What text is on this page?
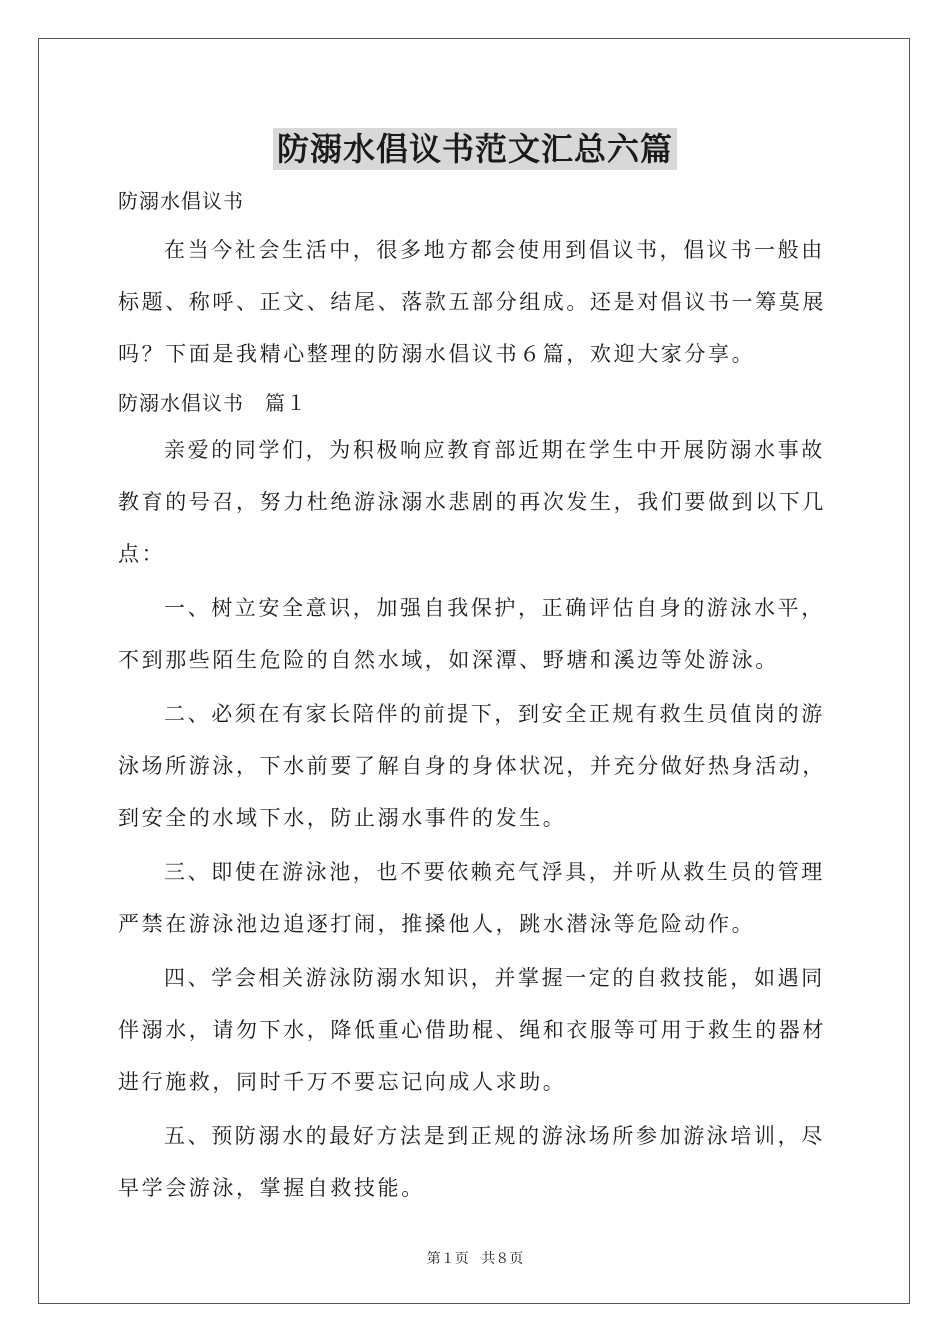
防溺水倡议书范文汇总六篇
防溺水倡议书
在当今社会生活中，很多地方都会使用到倡议书，倡议书一般由
标题、称呼、正文、结尾、落款五部分组成。还是对倡议书一筹莫展
吗？下面是我精心整理的防溺水倡议书６篇，欢迎大家分享。
防溺水倡议书　篇１
亲爱的同学们，为积极响应教育部近期在学生中开展防溺水事故
教育的号召，努力杜绝游泳溺水悲剧的再次发生，我们要做到以下几
点：
一、树立安全意识，加强自我保护，正确评估自身的游泳水平，
不到那些陌生危险的自然水域，如深潭、野塘和溪边等处游泳。
二、必须在有家长陪伴的前提下，到安全正规有救生员值岗的游
泳场所游泳，下水前要了解自身的身体状况，并充分做好热身活动，
到安全的水域下水，防止溺水事件的发生。
三、即使在游泳池，也不要依赖充气浮具，并听从救生员的管理
严禁在游泳池边追逐打闹，推搡他人，跳水潜泳等危险动作。
四、学会相关游泳防溺水知识，并掌握一定的自救技能，如遇同
伴溺水，请勿下水，降低重心借助棍、绳和衣服等可用于救生的器材
进行施救，同时千万不要忘记向成人求助。
五、预防溺水的最好方法是到正规的游泳场所参加游泳培训，尽
早学会游泳，掌握自救技能。
第１页 共８页
